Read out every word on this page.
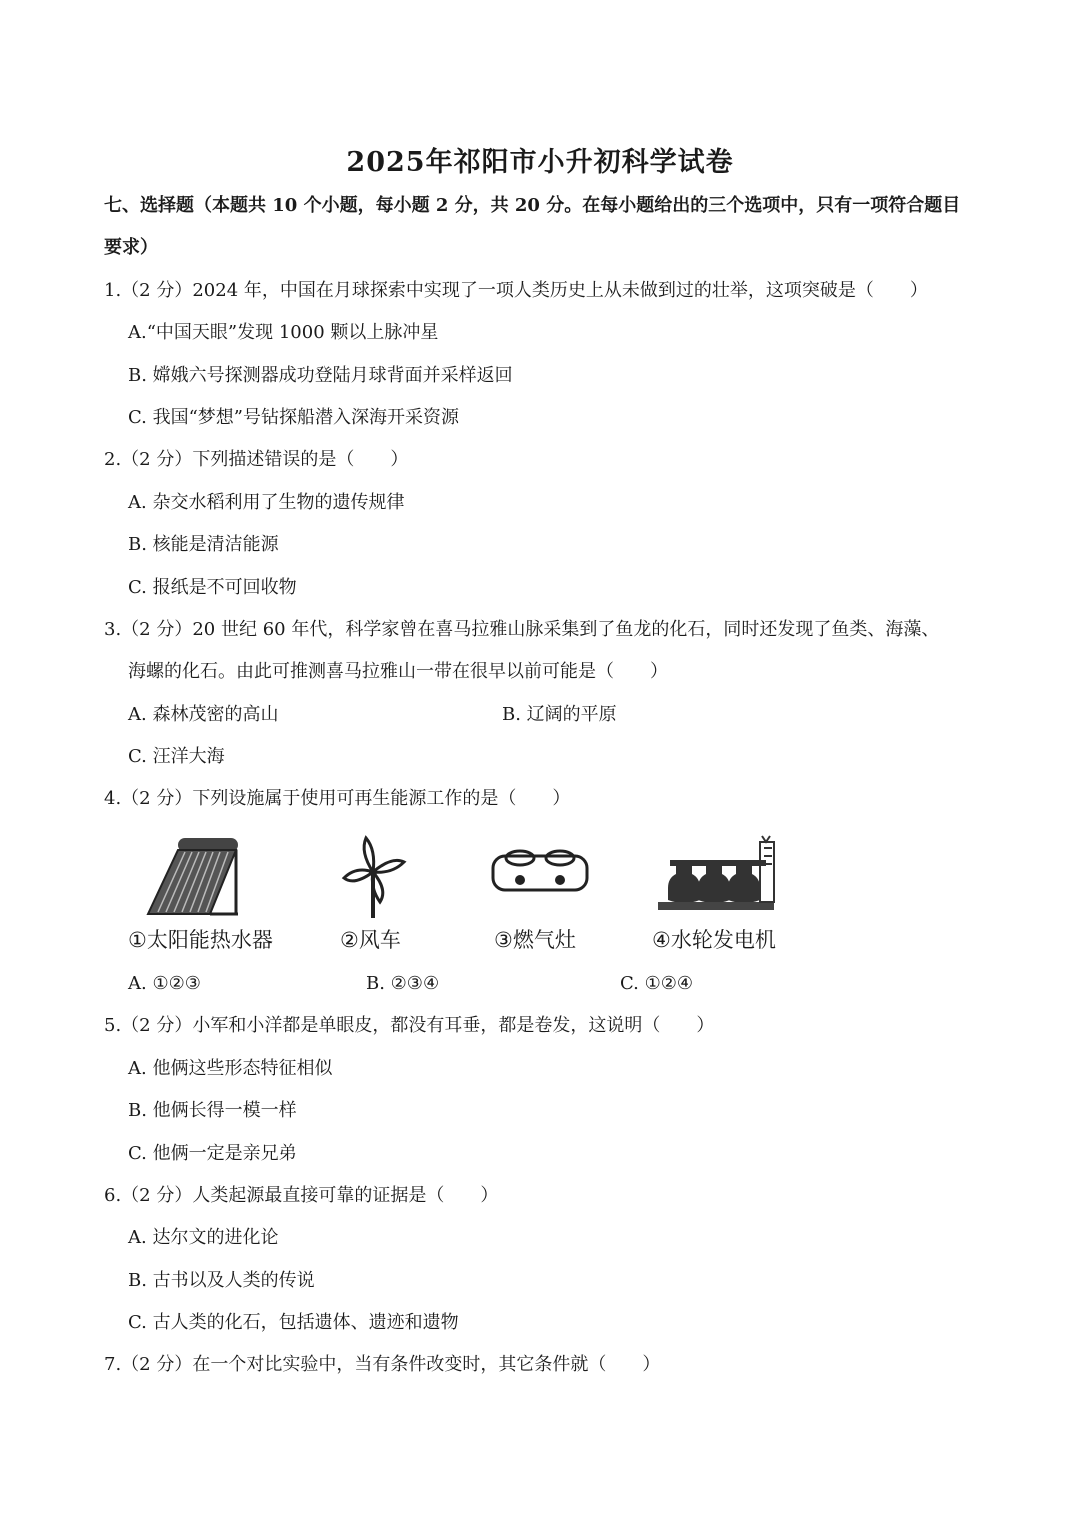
2025年祁阳市小升初科学试卷
七、选择题（本题共 10 个小题，每小题 2 分，共 20 分。在每小题给出的三个选项中，只有一项符合题目
要求）
1.（2 分）2024 年，中国在月球探索中实现了一项人类历史上从未做到过的壮举，这项突破是（　　）
A.“中国天眼”发现 1000 颗以上脉冲星
B. 嫦娥六号探测器成功登陆月球背面并采样返回
C. 我国“梦想”号钻探船潜入深海开采资源
2.（2 分）下列描述错误的是（　　）
A. 杂交水稻利用了生物的遗传规律
B. 核能是清洁能源
C. 报纸是不可回收物
3.（2 分）20 世纪 60 年代，科学家曾在喜马拉雅山脉采集到了鱼龙的化石，同时还发现了鱼类、海藻、
海螺的化石。由此可推测喜马拉雅山一带在很早以前可能是（　　）
A. 森林茂密的高山	B. 辽阔的平原
C. 汪洋大海
4.（2 分）下列设施属于使用可再生能源工作的是（　　）
①太阳能热水器	②风车	③燃气灶	④水轮发电机
A. ①②③	B. ②③④	C. ①②④
5.（2 分）小军和小洋都是单眼皮，都没有耳垂，都是卷发，这说明（　　）
A. 他俩这些形态特征相似
B. 他俩长得一模一样
C. 他俩一定是亲兄弟
6.（2 分）人类起源最直接可靠的证据是（　　）
A. 达尔文的进化论
B. 古书以及人类的传说
C. 古人类的化石，包括遗体、遗迹和遗物
7.（2 分）在一个对比实验中，当有条件改变时，其它条件就（　　）
